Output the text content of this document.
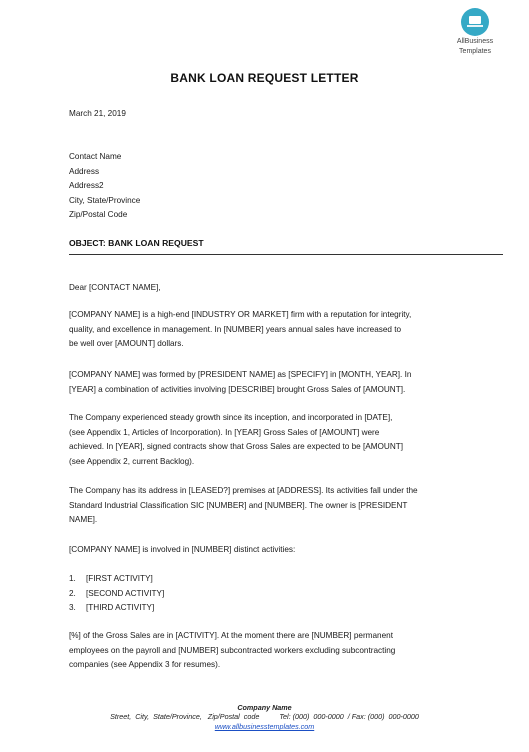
AllBusiness
Templates
BANK LOAN REQUEST LETTER
March 21, 2019
Contact Name
Address
Address2
City, State/Province
Zip/Postal Code
OBJECT: BANK LOAN REQUEST
Dear [CONTACT NAME],
[COMPANY NAME] is a high-end [INDUSTRY OR MARKET] firm with a reputation for integrity,
quality, and excellence in management. In [NUMBER] years annual sales have increased to
be well over [AMOUNT] dollars.
[COMPANY NAME] was formed by [PRESIDENT NAME] as [SPECIFY] in [MONTH, YEAR]. In
[YEAR] a combination of activities involving [DESCRIBE] brought Gross Sales of [AMOUNT].
The Company experienced steady growth since its inception, and incorporated in [DATE],
(see Appendix 1, Articles of Incorporation). In [YEAR] Gross Sales of [AMOUNT] were
achieved. In [YEAR], signed contracts show that Gross Sales are expected to be [AMOUNT]
(see Appendix 2, current Backlog).
The Company has its address in [LEASED?] premises at [ADDRESS]. Its activities fall under the
Standard Industrial Classification SIC [NUMBER] and [NUMBER]. The owner is [PRESIDENT
NAME].
[COMPANY NAME] is involved in [NUMBER] distinct activities:
1.	[FIRST ACTIVITY]
2.	[SECOND ACTIVITY]
3.	[THIRD ACTIVITY]
[%] of the Gross Sales are in [ACTIVITY]. At the moment there are [NUMBER] permanent
employees on the payroll and [NUMBER] subcontracted workers excluding subcontracting
companies (see Appendix 3 for resumes).
Company Name
Street,  City,  State/Province,   Zip/Postal  code          Tel: (000)  000-0000  / Fax: (000)  000-0000
www.allbusinesstemplates.com
